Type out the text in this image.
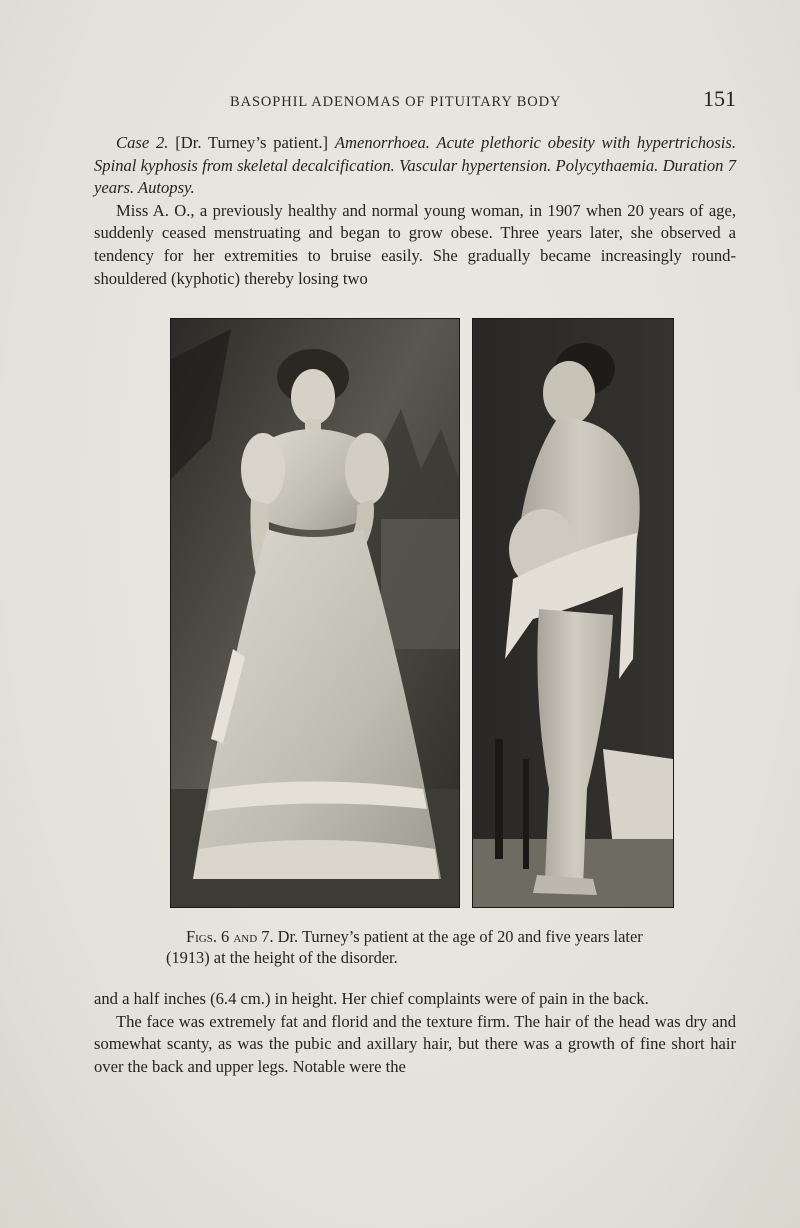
BASOPHIL ADENOMAS OF PITUITARY BODY	151

Case 2. [Dr. Turney’s patient.] Amenorrhoea. Acute plethoric obesity with hypertrichosis. Spinal kyphosis from skeletal decalcification. Vascular hypertension. Polycythaemia. Duration 7 years. Autopsy.

Miss A. O., a previously healthy and normal young woman, in 1907 when 20 years of age, suddenly ceased menstruating and began to grow obese. Three years later, she observed a tendency for her extremities to bruise easily. She gradually became increasingly round-shouldered (kyphotic) thereby losing two

Figs. 6 and 7. Dr. Turney’s patient at the age of 20 and five years later (1913) at the height of the disorder.

and a half inches (6.4 cm.) in height. Her chief complaints were of pain in the back.

The face was extremely fat and florid and the texture firm. The hair of the head was dry and somewhat scanty, as was the pubic and axillary hair, but there was a growth of fine short hair over the back and upper legs. Notable were the
